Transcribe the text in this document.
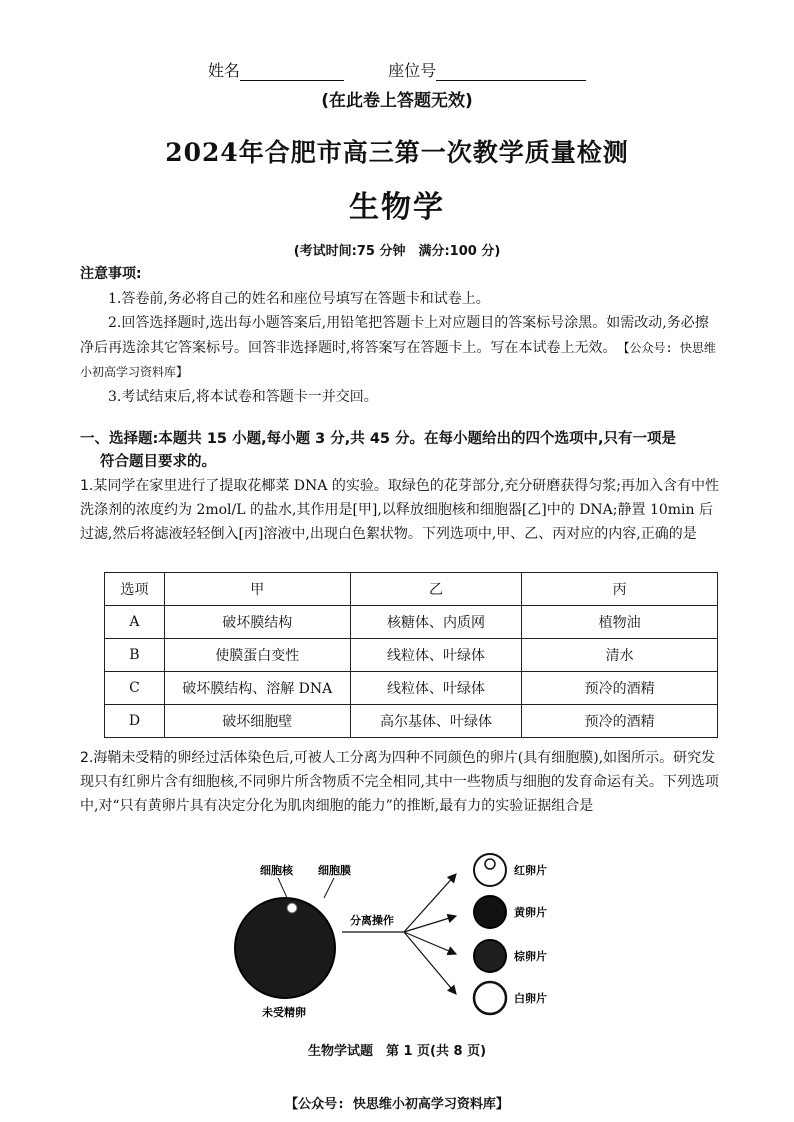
姓名	座位号
(在此卷上答题无效)
2024年合肥市高三第一次教学质量检测
生物学
(考试时间:75 分钟　满分:100 分)
注意事项:

1.答卷前,务必将自己的姓名和座位号填写在答题卡和试卷上。

2.回答选择题时,选出每小题答案后,用铅笔把答题卡上对应题目的答案标号涂黑。如需改动,务必擦净后再选涂其它答案标号。回答非选择题时,将答案写在答题卡上。写在本试卷上无效。　 【公众号: 快思维小初高学习资料库】

3.考试结束后,将本试卷和答题卡一并交回。

一、选择题:本题共 15 小题,每小题 3 分,共 45 分。在每小题给出的四个选项中,只有一项是
符合题目要求的。
1.某同学在家里进行了提取花椰菜 DNA 的实验。取绿色的花芽部分,充分研磨获得匀浆;再加入含有中性洗涤剂的浓度约为 2mol/L 的盐水,其作用是[甲],以释放细胞核和细胞器[乙]中的 DNA;静置 10min 后过滤,然后将滤液轻轻倒入[丙]溶液中,出现白色絮状物。下列选项中,甲、乙、丙对应的内容,正确的是
选项	甲	乙	丙
A	破坏膜结构	核糖体、内质网	植物油
B	使膜蛋白变性	线粒体、叶绿体	清水
C	破坏膜结构、溶解 DNA	线粒体、叶绿体	预冷的酒精
D	破坏细胞壁	高尔基体、叶绿体	预冷的酒精
2.海鞘未受精的卵经过活体染色后,可被人工分离为四种不同颜色的卵片(具有细胞膜),如图所示。研究发现只有红卵片含有细胞核,不同卵片所含物质不完全相同,其中一些物质与细胞的发育命运有关。下列选项中,对“只有黄卵片具有决定分化为肌肉细胞的能力”的推断,最有力的实验证据组合是
细胞核 细胞膜
未受精卵
分离操作
红卵片
黄卵片
棕卵片
白卵片
生物学试题　第 1 页(共 8 页)
【公众号: 快思维小初高学习资料库】
